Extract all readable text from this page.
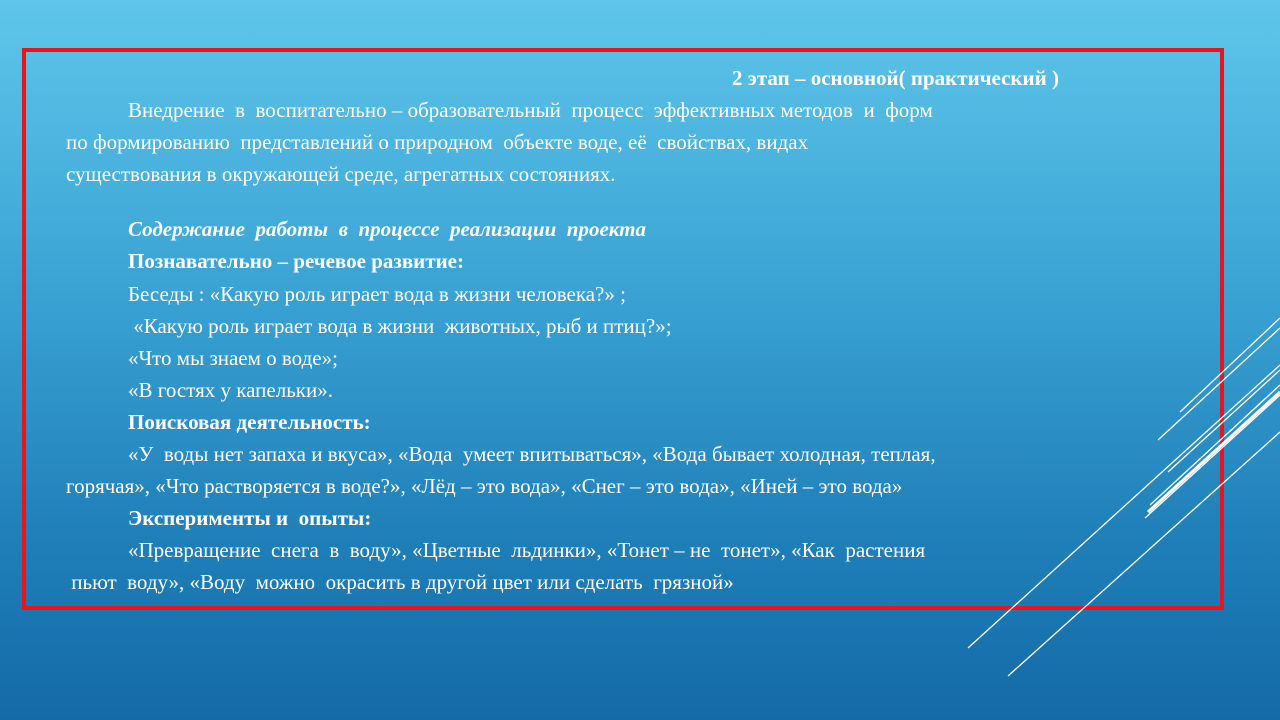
2 этап – основной( практический )
Внедрение  в  воспитательно – образовательный  процесс  эффективных методов  и  форм
по формированию  представлений о природном  объекте воде, её  свойствах, видах
существования в окружающей среде, агрегатных состояниях.
Содержание  работы  в  процессе  реализации  проекта
Познавательно – речевое развитие:
Беседы : «Какую роль играет вода в жизни человека?» ;
«Какую роль играет вода в жизни  животных, рыб и птиц?»;
«Что мы знаем о воде»;
«В гостях у капельки».
Поисковая деятельность:
«У  воды нет запаха и вкуса», «Вода  умеет впитываться», «Вода бывает холодная, теплая,
горячая», «Что растворяется в воде?», «Лёд – это вода», «Снег – это вода», «Иней – это вода»
Эксперименты и  опыты:
«Превращение  снега  в  воду», «Цветные  льдинки», «Тонет – не  тонет», «Как  растения
пьют  воду», «Воду  можно  окрасить в другой цвет или сделать  грязной»
